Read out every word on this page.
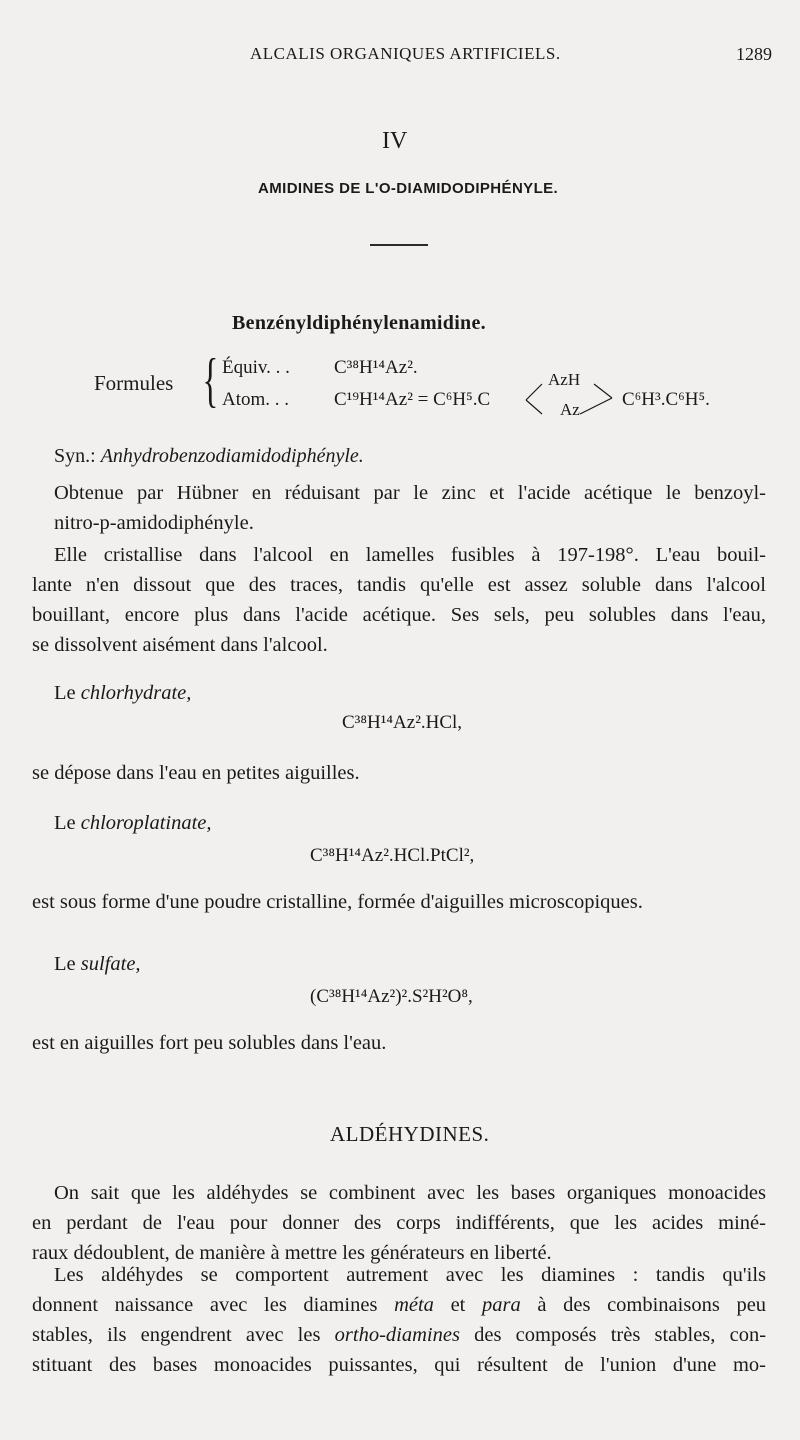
ALCALIS ORGANIQUES ARTIFICIELS.	1289
IV
AMIDINES DE L'O-DIAMIDODIPHÉNYLE.
Benzényldiphénylenamidine.
Formules { Équiv. . . C³⁸H¹⁴Az².
Atom. . . C¹⁹H¹⁴Az² = C⁶H⁵.C
AzH
Az C⁶H³.C⁶H⁵.
Syn.: Anhydrobenzodiamidodiphényle.
Obtenue par Hübner en réduisant par le zinc et l'acide acétique le benzoyl-
nitro-p-amidodiphényle.
Elle cristallise dans l'alcool en lamelles fusibles à 197-198°. L'eau bouil-
lante n'en dissout que des traces, tandis qu'elle est assez soluble dans l'alcool
bouillant, encore plus dans l'acide acétique. Ses sels, peu solubles dans l'eau,
se dissolvent aisément dans l'alcool.
Le chlorhydrate,
C³⁸H¹⁴Az².HCl,
se dépose dans l'eau en petites aiguilles.
Le chloroplatinate,
C³⁸H¹⁴Az².HCl.PtCl²,
est sous forme d'une poudre cristalline, formée d'aiguilles microscopiques.
Le sulfate,
(C³⁸H¹⁴Az²)².S²H²O⁸,
est en aiguilles fort peu solubles dans l'eau.
ALDÉHYDINES.
On sait que les aldéhydes se combinent avec les bases organiques monoacides
en perdant de l'eau pour donner des corps indifférents, que les acides miné-
raux dédoublent, de manière à mettre les générateurs en liberté.
Les aldéhydes se comportent autrement avec les diamines : tandis qu'ils
donnent naissance avec les diamines méta et para à des combinaisons peu
stables, ils engendrent avec les ortho-diamines des composés très stables, con-
stituant des bases monoacides puissantes, qui résultent de l'union d'une mo-
